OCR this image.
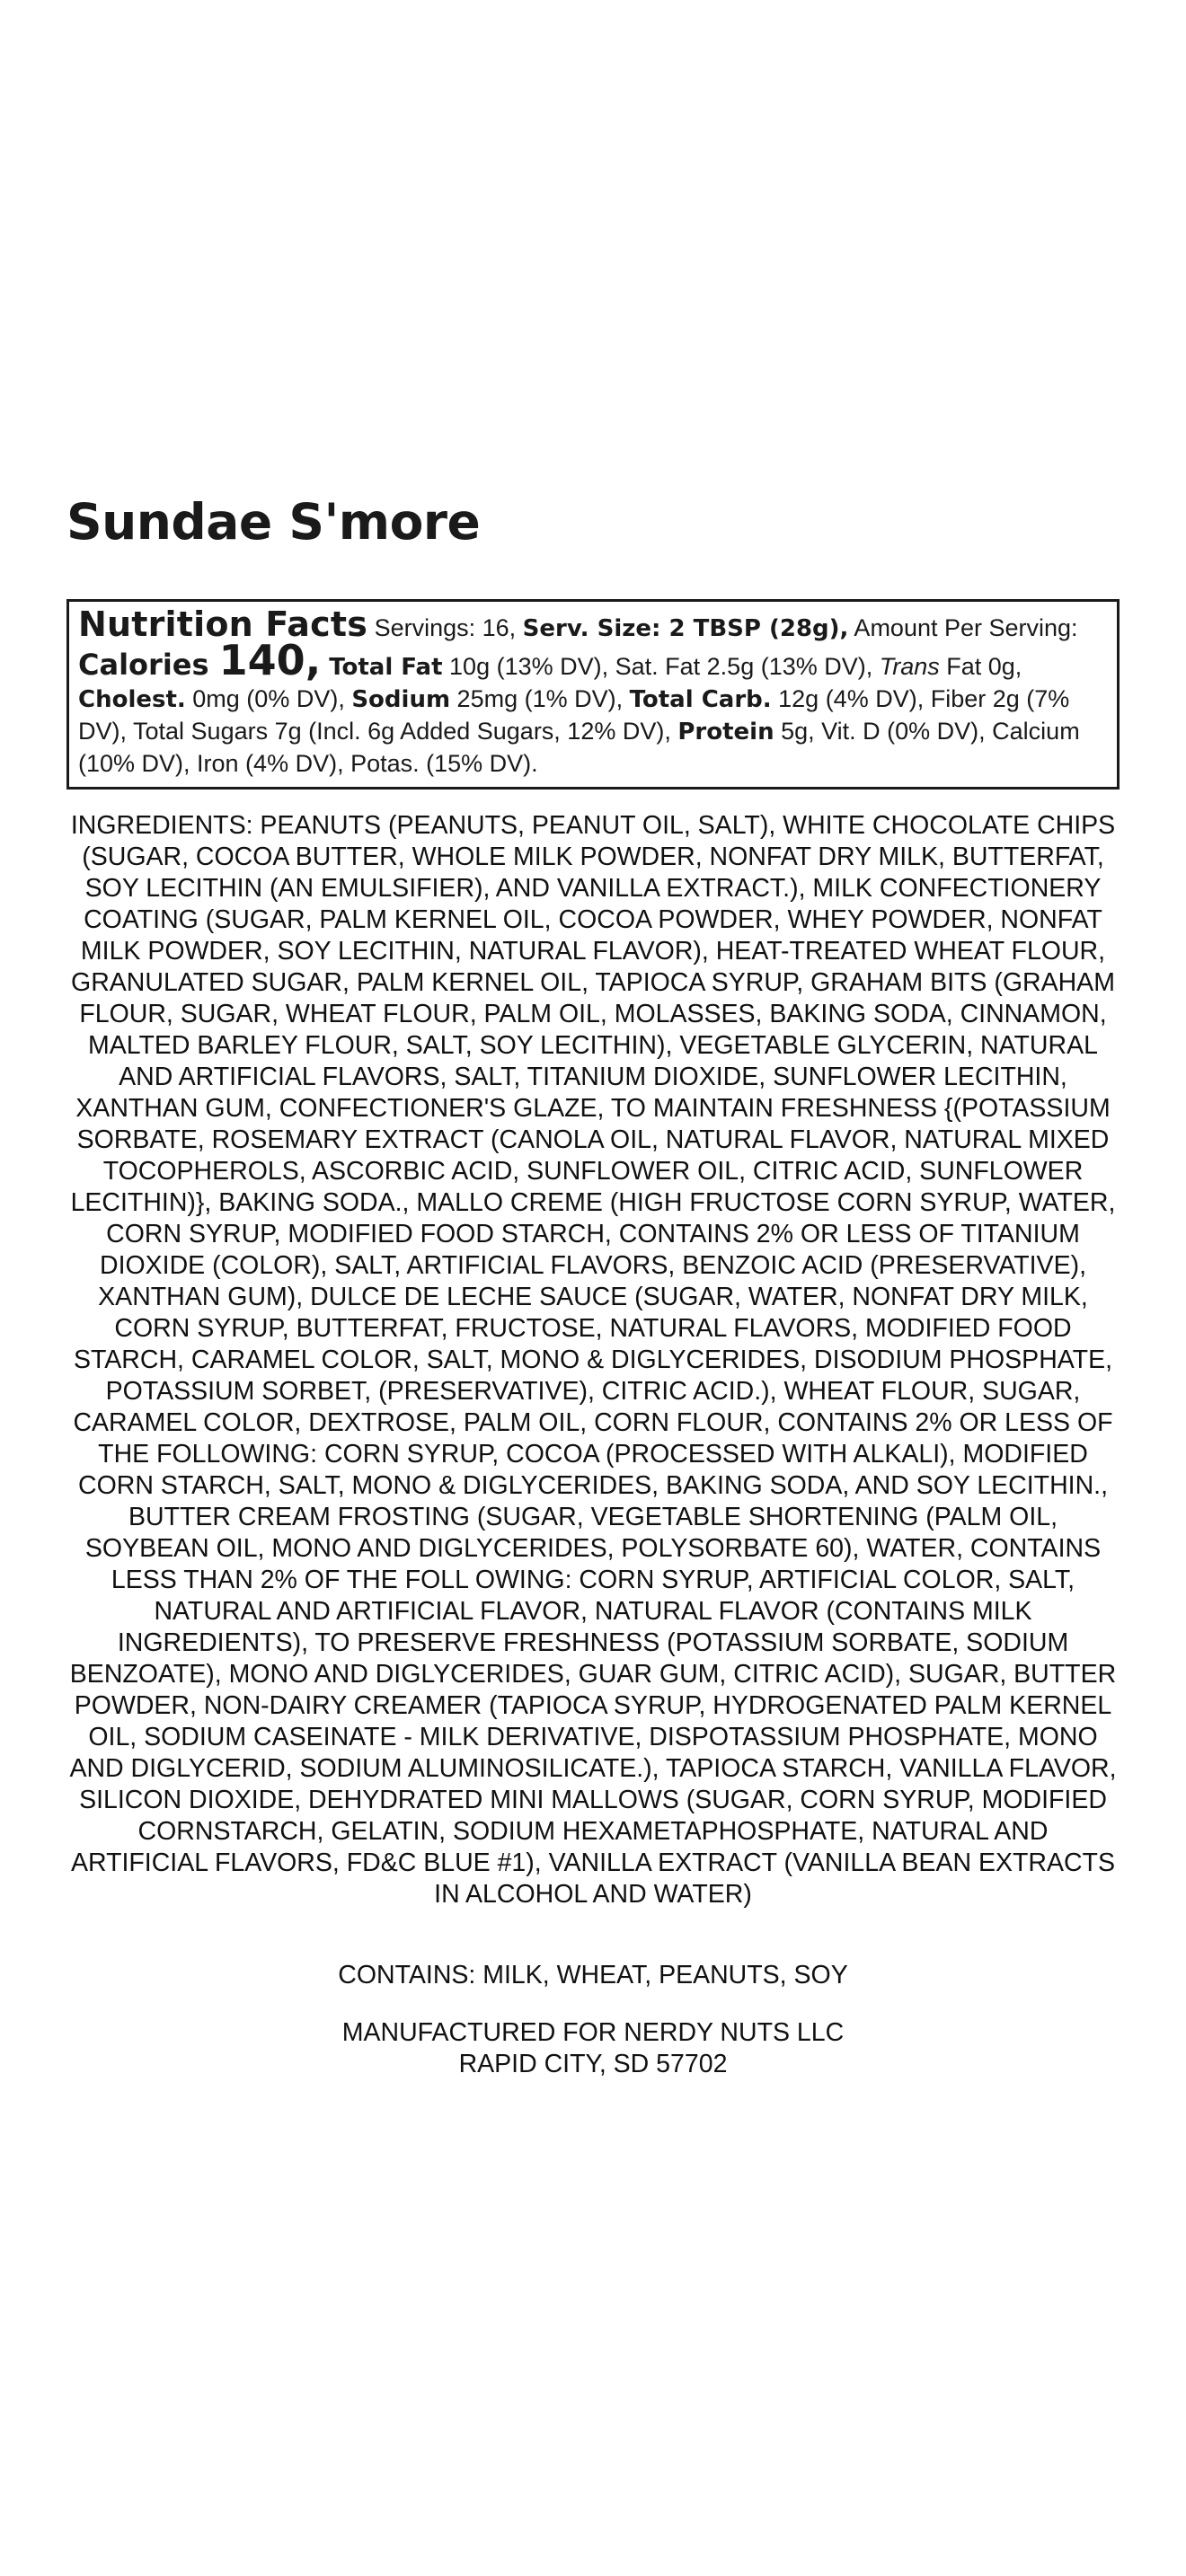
Sundae S'more
Nutrition Facts Servings: 16, Serv. Size: 2 TBSP (28g), Amount Per Serving: Calories 140, Total Fat 10g (13% DV), Sat. Fat 2.5g (13% DV), Trans Fat 0g, Cholest. 0mg (0% DV), Sodium 25mg (1% DV), Total Carb. 12g (4% DV), Fiber 2g (7% DV), Total Sugars 7g (Incl. 6g Added Sugars, 12% DV), Protein 5g, Vit. D (0% DV), Calcium (10% DV), Iron (4% DV), Potas. (15% DV).

INGREDIENTS: PEANUTS (PEANUTS, PEANUT OIL, SALT), WHITE CHOCOLATE CHIPS (SUGAR, COCOA BUTTER, WHOLE MILK POWDER, NONFAT DRY MILK, BUTTERFAT, SOY LECITHIN (AN EMULSIFIER), AND VANILLA EXTRACT.), MILK CONFECTIONERY COATING (SUGAR, PALM KERNEL OIL, COCOA POWDER, WHEY POWDER, NONFAT MILK POWDER, SOY LECITHIN, NATURAL FLAVOR), HEAT-TREATED WHEAT FLOUR, GRANULATED SUGAR, PALM KERNEL OIL, TAPIOCA SYRUP, GRAHAM BITS (GRAHAM FLOUR, SUGAR, WHEAT FLOUR, PALM OIL, MOLASSES, BAKING SODA, CINNAMON, MALTED BARLEY FLOUR, SALT, SOY LECITHIN), VEGETABLE GLYCERIN, NATURAL AND ARTIFICIAL FLAVORS, SALT, TITANIUM DIOXIDE, SUNFLOWER LECITHIN, XANTHAN GUM, CONFECTIONER'S GLAZE, TO MAINTAIN FRESHNESS {(POTASSIUM SORBATE, ROSEMARY EXTRACT (CANOLA OIL, NATURAL FLAVOR, NATURAL MIXED TOCOPHEROLS, ASCORBIC ACID, SUNFLOWER OIL, CITRIC ACID, SUNFLOWER LECITHIN)}, BAKING SODA., MALLO CREME (HIGH FRUCTOSE CORN SYRUP, WATER, CORN SYRUP, MODIFIED FOOD STARCH, CONTAINS 2% OR LESS OF TITANIUM DIOXIDE (COLOR), SALT, ARTIFICIAL FLAVORS, BENZOIC ACID (PRESERVATIVE), XANTHAN GUM), DULCE DE LECHE SAUCE (SUGAR, WATER, NONFAT DRY MILK, CORN SYRUP, BUTTERFAT, FRUCTOSE, NATURAL FLAVORS, MODIFIED FOOD STARCH, CARAMEL COLOR, SALT, MONO & DIGLYCERIDES, DISODIUM PHOSPHATE, POTASSIUM SORBET, (PRESERVATIVE), CITRIC ACID.), WHEAT FLOUR, SUGAR, CARAMEL COLOR, DEXTROSE, PALM OIL, CORN FLOUR, CONTAINS 2% OR LESS OF THE FOLLOWING: CORN SYRUP, COCOA (PROCESSED WITH ALKALI), MODIFIED CORN STARCH, SALT, MONO & DIGLYCERIDES, BAKING SODA, AND SOY LECITHIN., BUTTER CREAM FROSTING (SUGAR, VEGETABLE SHORTENING (PALM OIL, SOYBEAN OIL, MONO AND DIGLYCERIDES, POLYSORBATE 60), WATER, CONTAINS LESS THAN 2% OF THE FOLL OWING: CORN SYRUP, ARTIFICIAL COLOR, SALT, NATURAL AND ARTIFICIAL FLAVOR, NATURAL FLAVOR (CONTAINS MILK INGREDIENTS), TO PRESERVE FRESHNESS (POTASSIUM SORBATE, SODIUM BENZOATE), MONO AND DIGLYCERIDES, GUAR GUM, CITRIC ACID), SUGAR, BUTTER POWDER, NON-DAIRY CREAMER (TAPIOCA SYRUP, HYDROGENATED PALM KERNEL OIL, SODIUM CASEINATE - MILK DERIVATIVE, DISPOTASSIUM PHOSPHATE, MONO AND DIGLYCERID, SODIUM ALUMINOSILICATE.), TAPIOCA STARCH, VANILLA FLAVOR, SILICON DIOXIDE, DEHYDRATED MINI MALLOWS (SUGAR, CORN SYRUP, MODIFIED CORNSTARCH, GELATIN, SODIUM HEXAMETAPHOSPHATE, NATURAL AND ARTIFICIAL FLAVORS, FD&C BLUE #1), VANILLA EXTRACT (VANILLA BEAN EXTRACTS IN ALCOHOL AND WATER)

CONTAINS: MILK, WHEAT, PEANUTS, SOY

MANUFACTURED FOR NERDY NUTS LLC
RAPID CITY, SD 57702
